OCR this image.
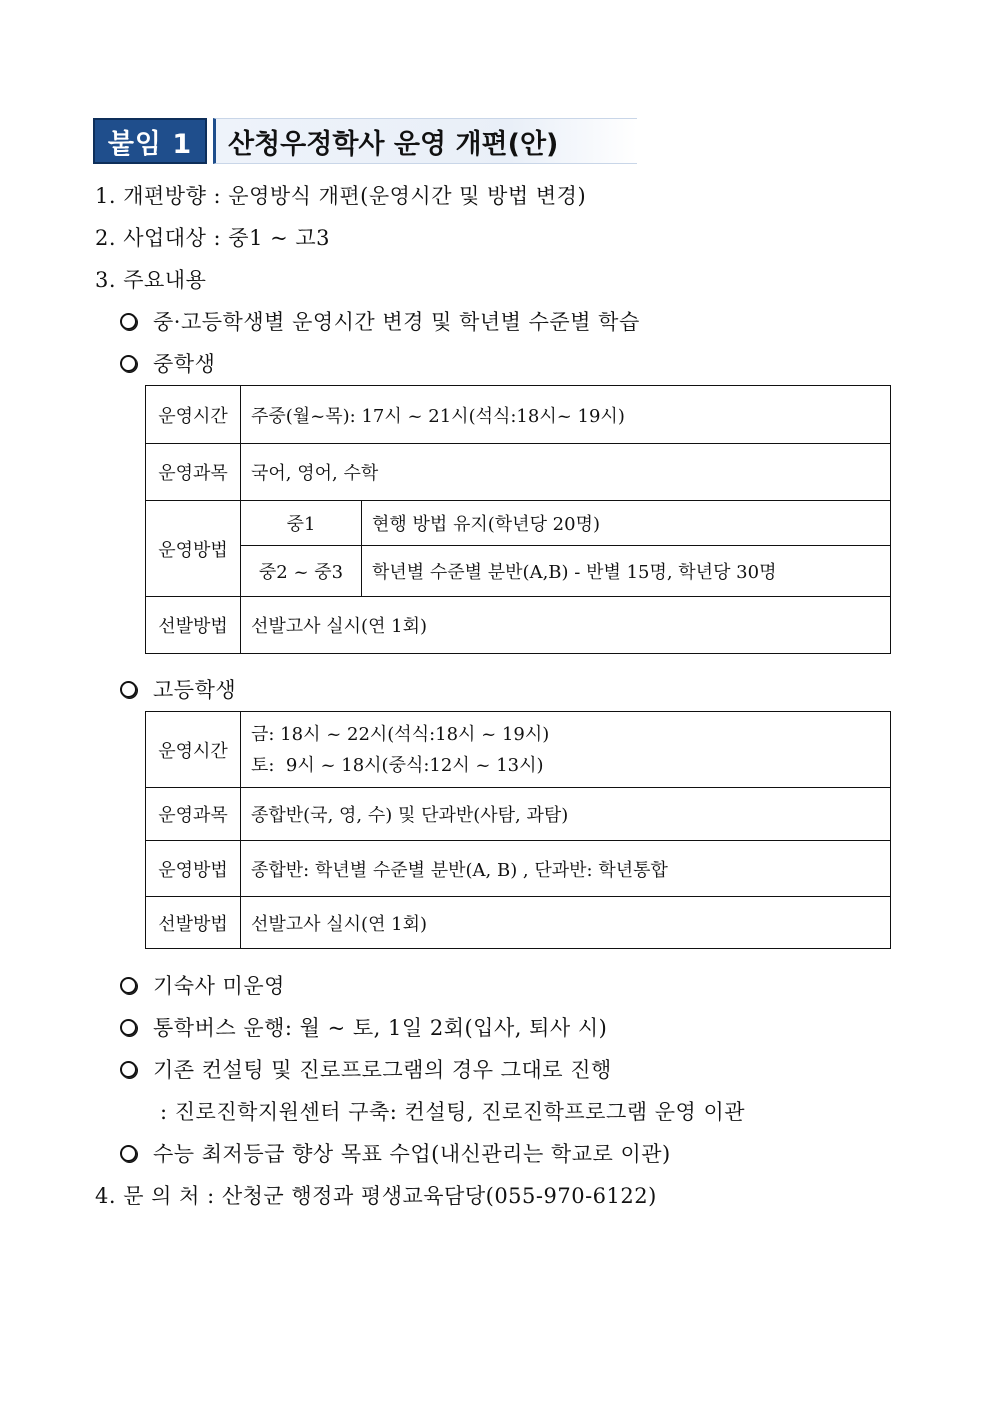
붙임 1	산청우정학사 운영 개편(안)
1. 개편방향 : 운영방식 개편(운영시간 및 방법 변경)
2. 사업대상 : 중1 ~ 고3
3. 주요내용
중·고등학생별 운영시간 변경 및 학년별 수준별 학습
중학생
운영시간	주중(월~목): 17시 ~ 21시(석식:18시~ 19시)	
운영과목	국어, 영어, 수학	
운영방법	중1	현행 방법 유지(학년당 20명)
	중2 ~ 중3	학년별 수준별 분반(A,B) - 반별 15명, 학년당 30명
선발방법	선발고사 실시(연 1회)	
고등학생
운영시간	금: 18시 ~ 22시(석식:18시 ~ 19시)
토:  9시 ~ 18시(중식:12시 ~ 13시)

운영과목	종합반(국, 영, 수) 및 단과반(사탐, 과탐)
운영방법	종합반: 학년별 수준별 분반(A, B) , 단과반: 학년통합
선발방법	선발고사 실시(연 1회)
기숙사 미운영
통학버스 운행: 월 ~ 토, 1일 2회(입사, 퇴사 시)
기존 컨설팅 및 진로프로그램의 경우 그대로 진행
: 진로진학지원센터 구축: 컨설팅, 진로진학프로그램 운영 이관
수능 최저등급 향상 목표 수업(내신관리는 학교로 이관)
4. 문 의 처 : 산청군 행정과 평생교육담당(055-970-6122)
